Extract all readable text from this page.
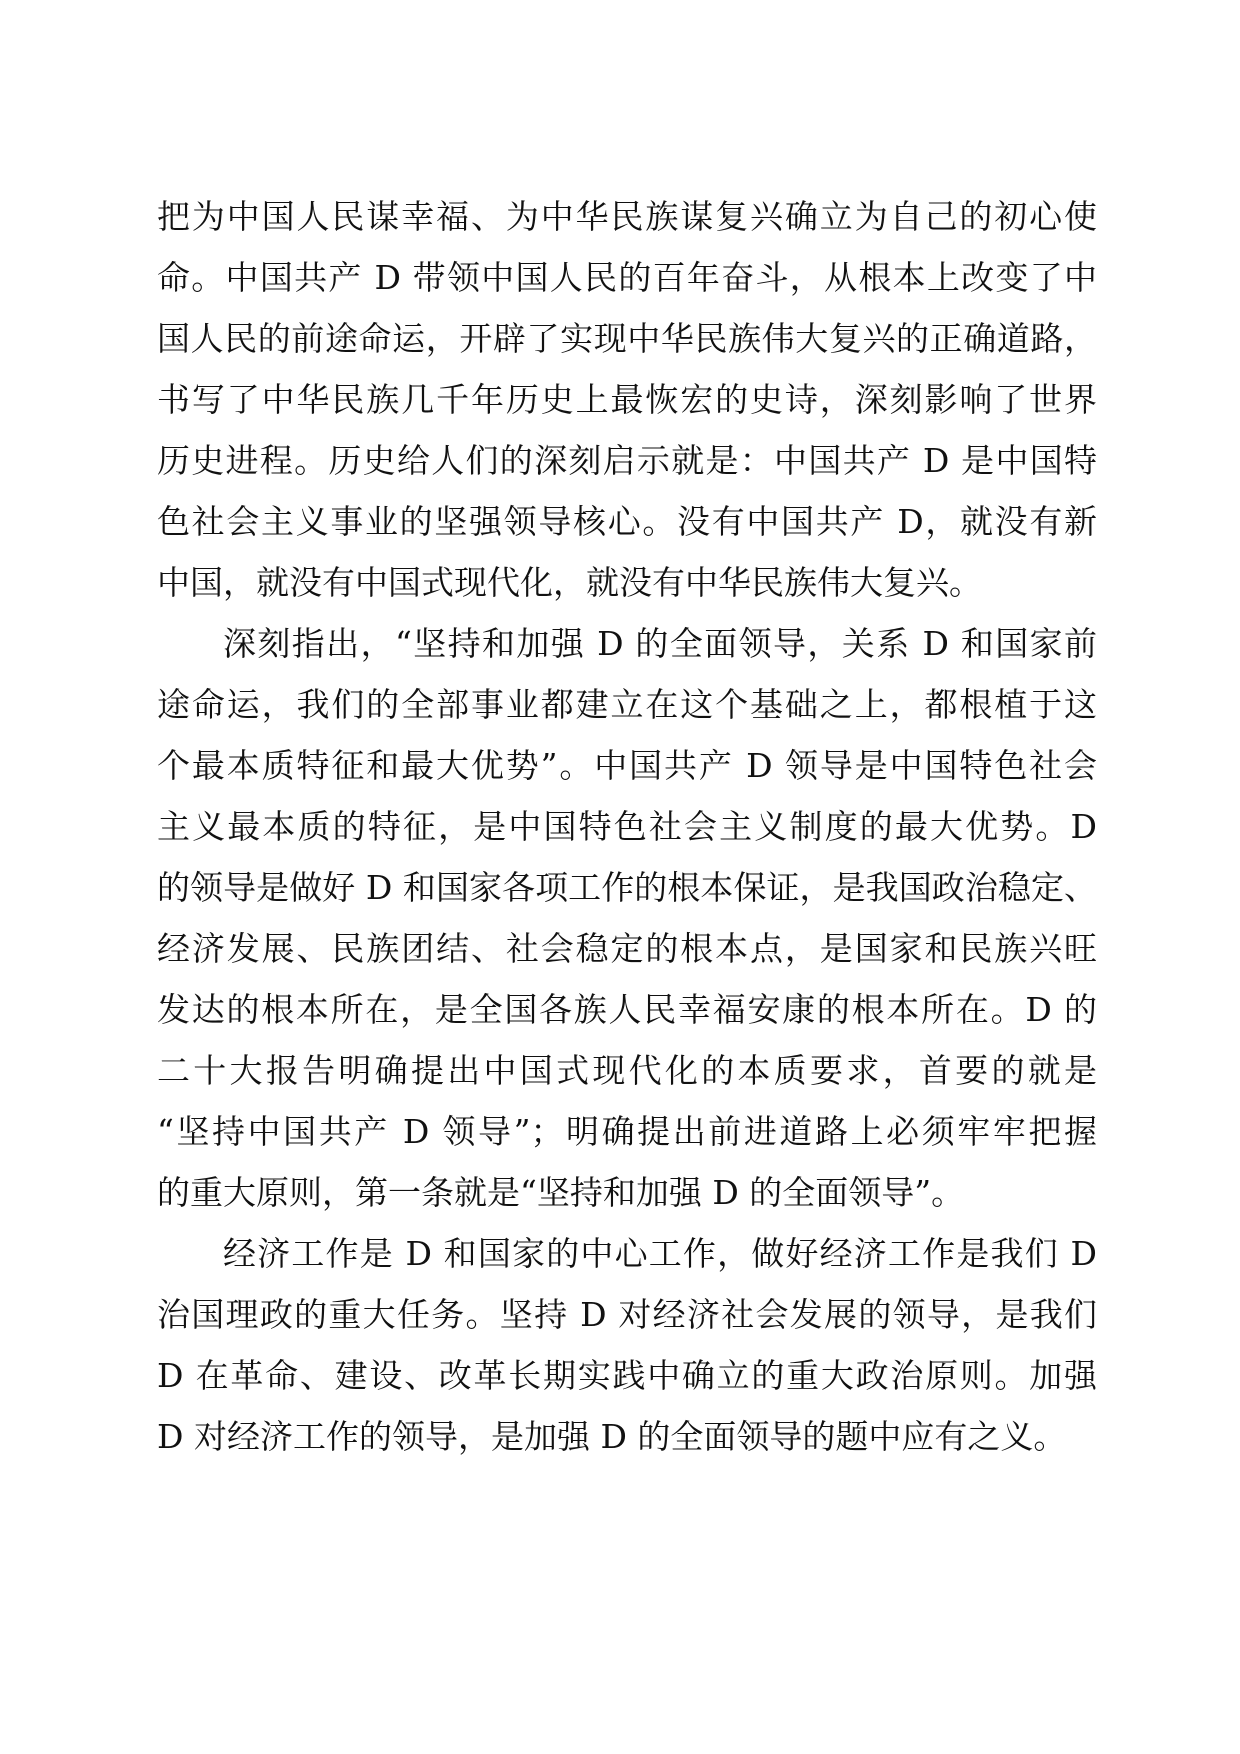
把为中国人民谋幸福、为中华民族谋复兴确立为自己的初心使
命。中国共产 D 带领中国人民的百年奋斗，从根本上改变了中
国人民的前途命运，开辟了实现中华民族伟大复兴的正确道路，
书写了中华民族几千年历史上最恢宏的史诗，深刻影响了世界
历史进程。历史给人们的深刻启示就是：中国共产 D 是中国特
色社会主义事业的坚强领导核心。没有中国共产 D，就没有新
中国，就没有中国式现代化，就没有中华民族伟大复兴。
深刻指出，“坚持和加强 D 的全面领导，关系 D 和国家前
途命运，我们的全部事业都建立在这个基础之上，都根植于这
个最本质特征和最大优势”。中国共产 D 领导是中国特色社会
主义最本质的特征，是中国特色社会主义制度的最大优势。D
的领导是做好 D 和国家各项工作的根本保证，是我国政治稳定、
经济发展、民族团结、社会稳定的根本点，是国家和民族兴旺
发达的根本所在，是全国各族人民幸福安康的根本所在。D 的
二十大报告明确提出中国式现代化的本质要求，首要的就是
“坚持中国共产 D 领导”；明确提出前进道路上必须牢牢把握
的重大原则，第一条就是“坚持和加强 D 的全面领导”。
经济工作是 D 和国家的中心工作，做好经济工作是我们 D
治国理政的重大任务。坚持 D 对经济社会发展的领导，是我们
D 在革命、建设、改革长期实践中确立的重大政治原则。加强
D 对经济工作的领导，是加强 D 的全面领导的题中应有之义。
